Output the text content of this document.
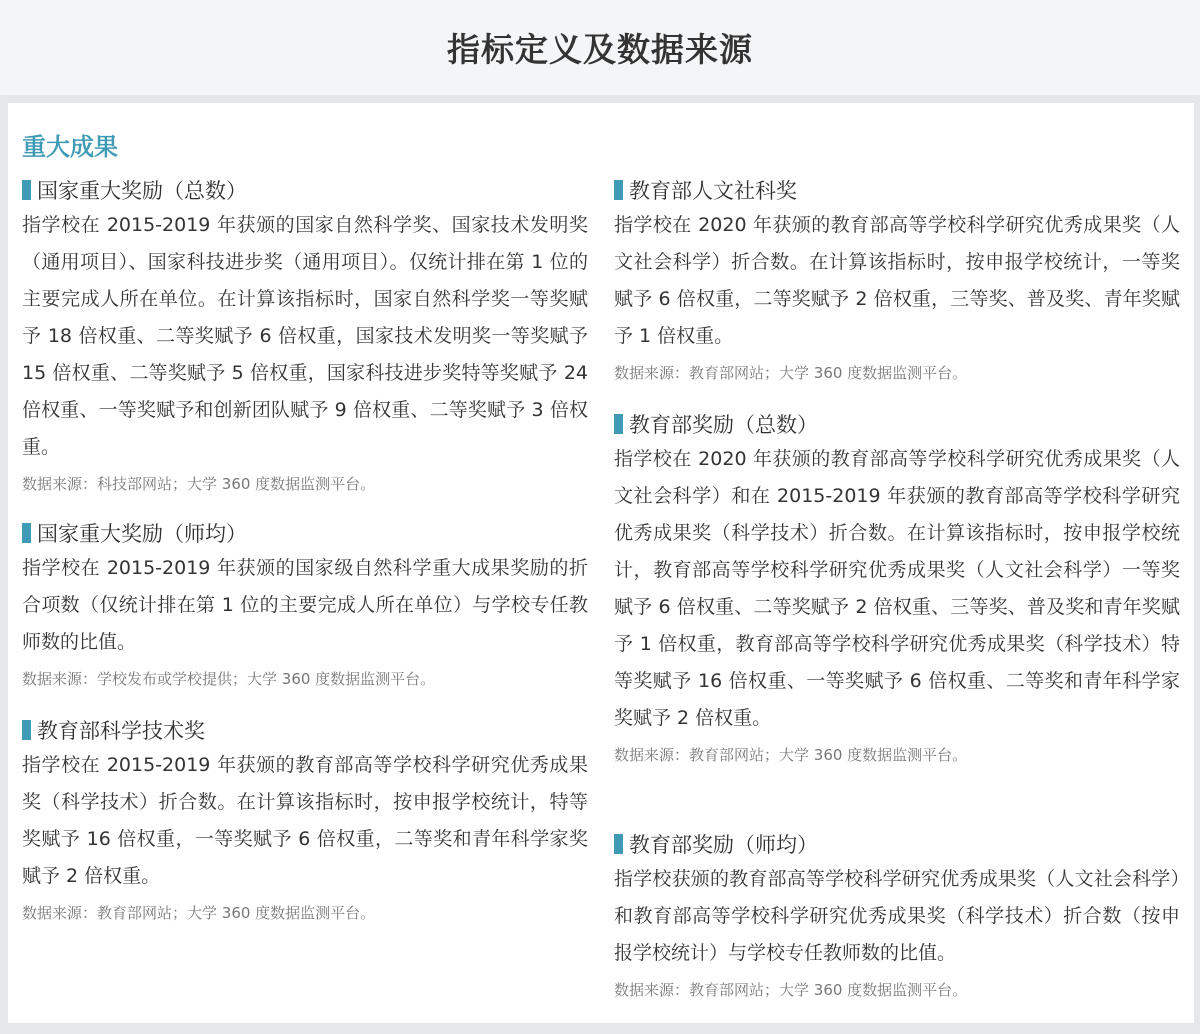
指标定义及数据来源
重大成果
国家重大奖励（总数）

指学校在 2015-2019 年获颁的国家自然科学奖、国家技术发明奖（通用项目）、国家科技进步奖（通用项目）。仅统计排在第 1 位的主要完成人所在单位。在计算该指标时，国家自然科学奖一等奖赋予 18 倍权重、二等奖赋予 6 倍权重，国家技术发明奖一等奖赋予 15 倍权重、二等奖赋予 5 倍权重，国家科技进步奖特等奖赋予 24 倍权重、一等奖赋予和创新团队赋予 9 倍权重、二等奖赋予 3 倍权重。

数据来源：科技部网站；大学 360 度数据监测平台。
国家重大奖励（师均）

指学校在 2015-2019 年获颁的国家级自然科学重大成果奖励的折合项数（仅统计排在第 1 位的主要完成人所在单位）与学校专任教师数的比值。

数据来源：学校发布或学校提供；大学 360 度数据监测平台。
教育部科学技术奖

指学校在 2015-2019 年获颁的教育部高等学校科学研究优秀成果奖（科学技术）折合数。在计算该指标时，按申报学校统计，特等奖赋予 16 倍权重，一等奖赋予 6 倍权重，二等奖和青年科学家奖赋予 2 倍权重。

数据来源：教育部网站；大学 360 度数据监测平台。
教育部人文社科奖

指学校在 2020 年获颁的教育部高等学校科学研究优秀成果奖（人文社会科学）折合数。在计算该指标时，按申报学校统计，一等奖赋予 6 倍权重，二等奖赋予 2 倍权重，三等奖、普及奖、青年奖赋予 1 倍权重。

数据来源：教育部网站；大学 360 度数据监测平台。
教育部奖励（总数）

指学校在 2020 年获颁的教育部高等学校科学研究优秀成果奖（人文社会科学）和在 2015-2019 年获颁的教育部高等学校科学研究优秀成果奖（科学技术）折合数。在计算该指标时，按申报学校统计，教育部高等学校科学研究优秀成果奖（人文社会科学）一等奖赋予 6 倍权重、二等奖赋予 2 倍权重、三等奖、普及奖和青年奖赋予 1 倍权重，教育部高等学校科学研究优秀成果奖（科学技术）特等奖赋予 16 倍权重、一等奖赋予 6 倍权重、二等奖和青年科学家奖赋予 2 倍权重。

数据来源：教育部网站；大学 360 度数据监测平台。
教育部奖励（师均）

指学校获颁的教育部高等学校科学研究优秀成果奖（人文社会科学）和教育部高等学校科学研究优秀成果奖（科学技术）折合数（按申报学校统计）与学校专任教师数的比值。

数据来源：教育部网站；大学 360 度数据监测平台。
